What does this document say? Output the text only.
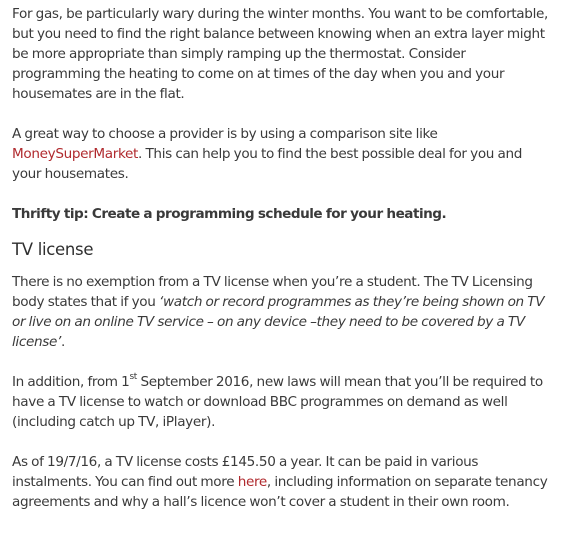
For gas, be particularly wary during the winter months. You want to be comfortable, but you need to find the right balance between knowing when an extra layer might be more appropriate than simply ramping up the thermostat. Consider programming the heating to come on at times of the day when you and your housemates are in the flat.

A great way to choose a provider is by using a comparison site like MoneySuperMarket. This can help you to find the best possible deal for you and your housemates.

Thrifty tip: Create a programming schedule for your heating.

TV license

There is no exemption from a TV license when you’re a student. The TV Licensing body states that if you ‘watch or record programmes as they’re being shown on TV or live on an online TV service – on any device –they need to be covered by a TV license’.

In addition, from 1st September 2016, new laws will mean that you’ll be required to have a TV license to watch or download BBC programmes on demand as well (including catch up TV, iPlayer).

As of 19/7/16, a TV license costs £145.50 a year. It can be paid in various instalments. You can find out more here, including information on separate tenancy agreements and why a hall’s licence won’t cover a student in their own room.
